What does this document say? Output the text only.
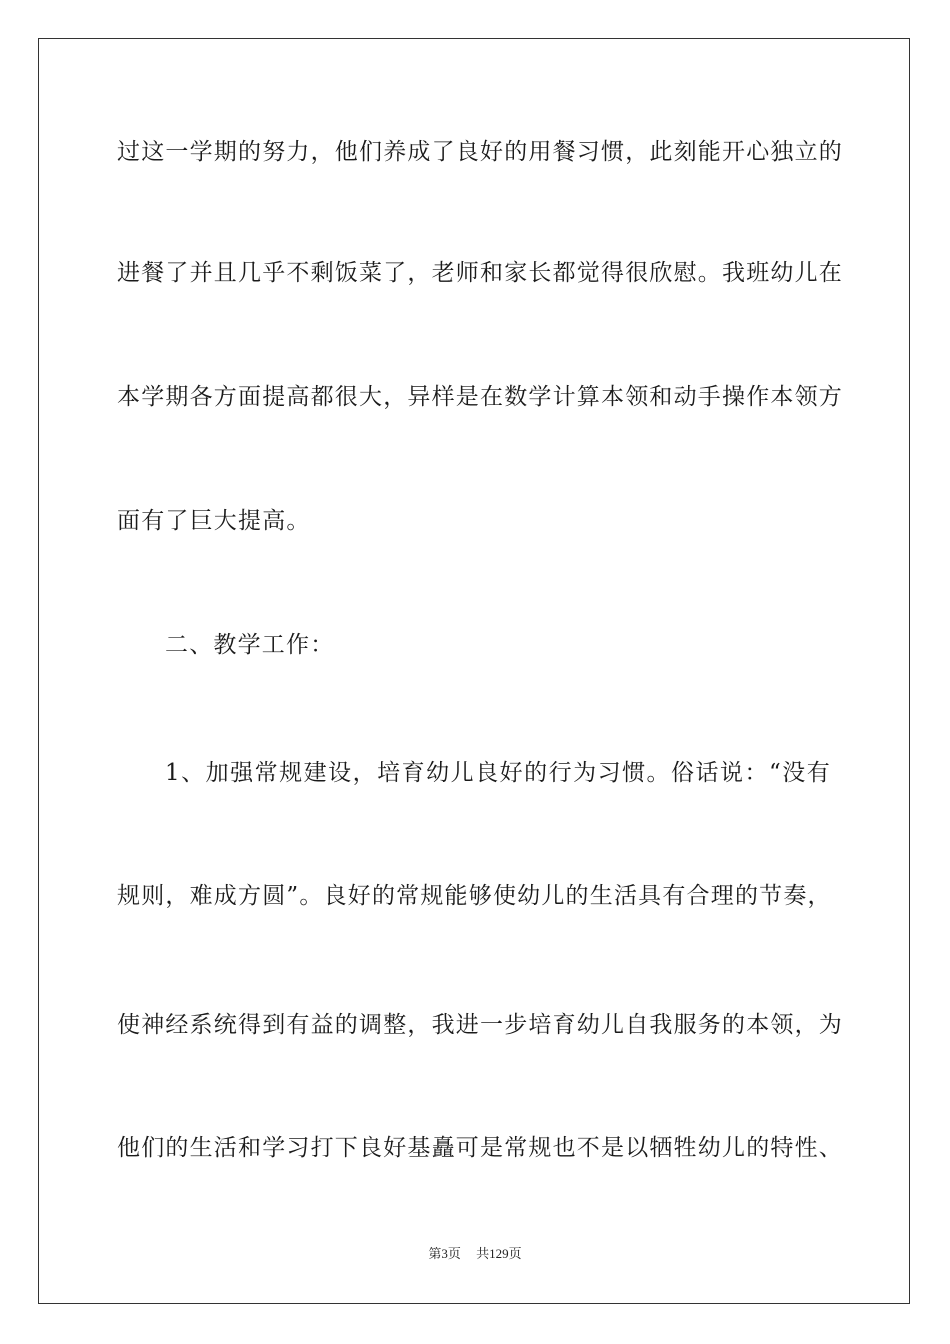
过这一学期的努力，他们养成了良好的用餐习惯，此刻能开心独立的
进餐了并且几乎不剩饭菜了，老师和家长都觉得很欣慰。我班幼儿在
本学期各方面提高都很大，异样是在数学计算本领和动手操作本领方
面有了巨大提高。
二、教学工作：
1、加强常规建设，培育幼儿良好的行为习惯。俗话说：“没有
规则，难成方圆”。良好的常规能够使幼儿的生活具有合理的节奏，
使神经系统得到有益的调整，我进一步培育幼儿自我服务的本领，为
他们的生活和学习打下良好基矗可是常规也不是以牺牲幼儿的特性、
第3页 共129页
